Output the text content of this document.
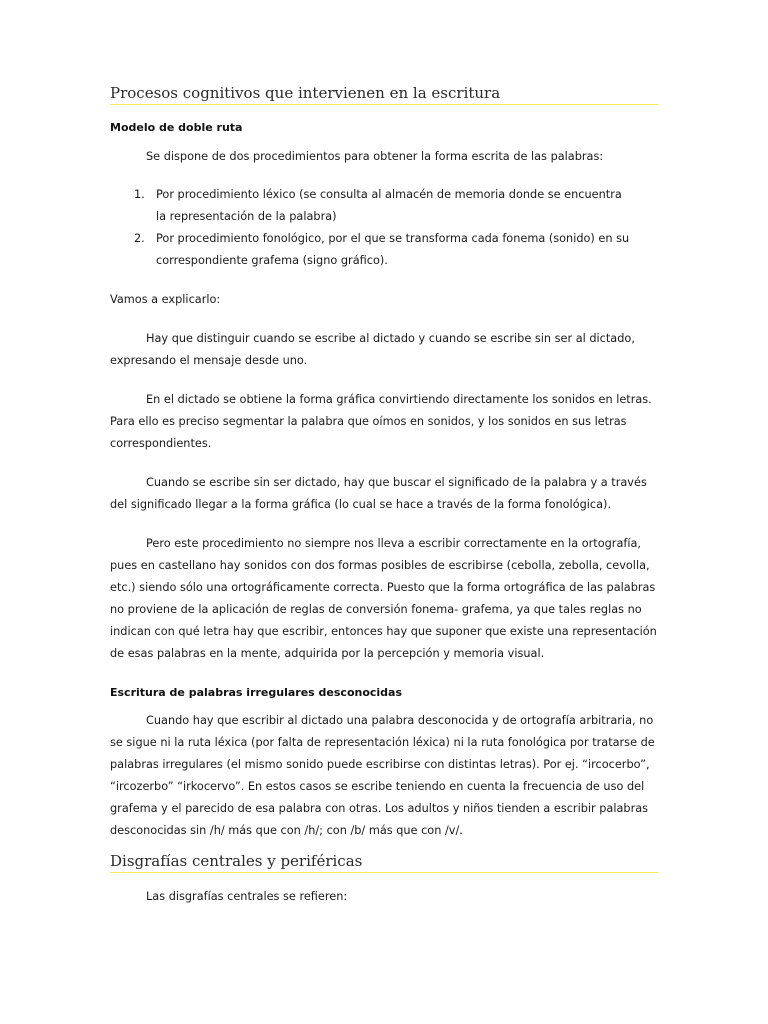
Procesos cognitivos que intervienen en la escritura
Modelo de doble ruta

Se dispone de dos procedimientos para obtener la forma escrita de las palabras:

1. Por procedimiento léxico (se consulta al almacén de memoria donde se encuentra la representación de la palabra)
2. Por procedimiento fonológico, por el que se transforma cada fonema (sonido) en su correspondiente grafema (signo gráfico).

Vamos a explicarlo:

Hay que distinguir cuando se escribe al dictado y cuando se escribe sin ser al dictado, expresando el mensaje desde uno.

En el dictado se obtiene la forma gráfica convirtiendo directamente los sonidos en letras. Para ello es preciso segmentar la palabra que oímos en sonidos, y los sonidos en sus letras correspondientes.

Cuando se escribe sin ser dictado, hay que buscar el significado de la palabra y a través del significado llegar a la forma gráfica (lo cual se hace a través de la forma fonológica).

Pero este procedimiento no siempre nos lleva a escribir correctamente en la ortografía, pues en castellano hay sonidos con dos formas posibles de escribirse (cebolla, zebolla, cevolla, etc.) siendo sólo una ortográficamente correcta. Puesto que la forma ortográfica de las palabras no proviene de la aplicación de reglas de conversión fonema- grafema, ya que tales reglas no indican con qué letra hay que escribir, entonces hay que suponer que existe una representación de esas palabras en la mente, adquirida por la percepción y memoria visual.

Escritura de palabras irregulares desconocidas

Cuando hay que escribir al dictado una palabra desconocida y de ortografía arbitraria, no se sigue ni la ruta léxica (por falta de representación léxica) ni la ruta fonológica por tratarse de palabras irregulares (el mismo sonido puede escribirse con distintas letras). Por ej. “ircocerbo”, “ircozerbo” “irkocervo”. En estos casos se escribe teniendo en cuenta la frecuencia de uso del grafema y el parecido de esa palabra con otras. Los adultos y niños tienden a escribir palabras desconocidas sin /h/ más que con /h/; con /b/ más que con /v/.

Disgrafías centrales y periféricas

Las disgrafías centrales se refieren:
